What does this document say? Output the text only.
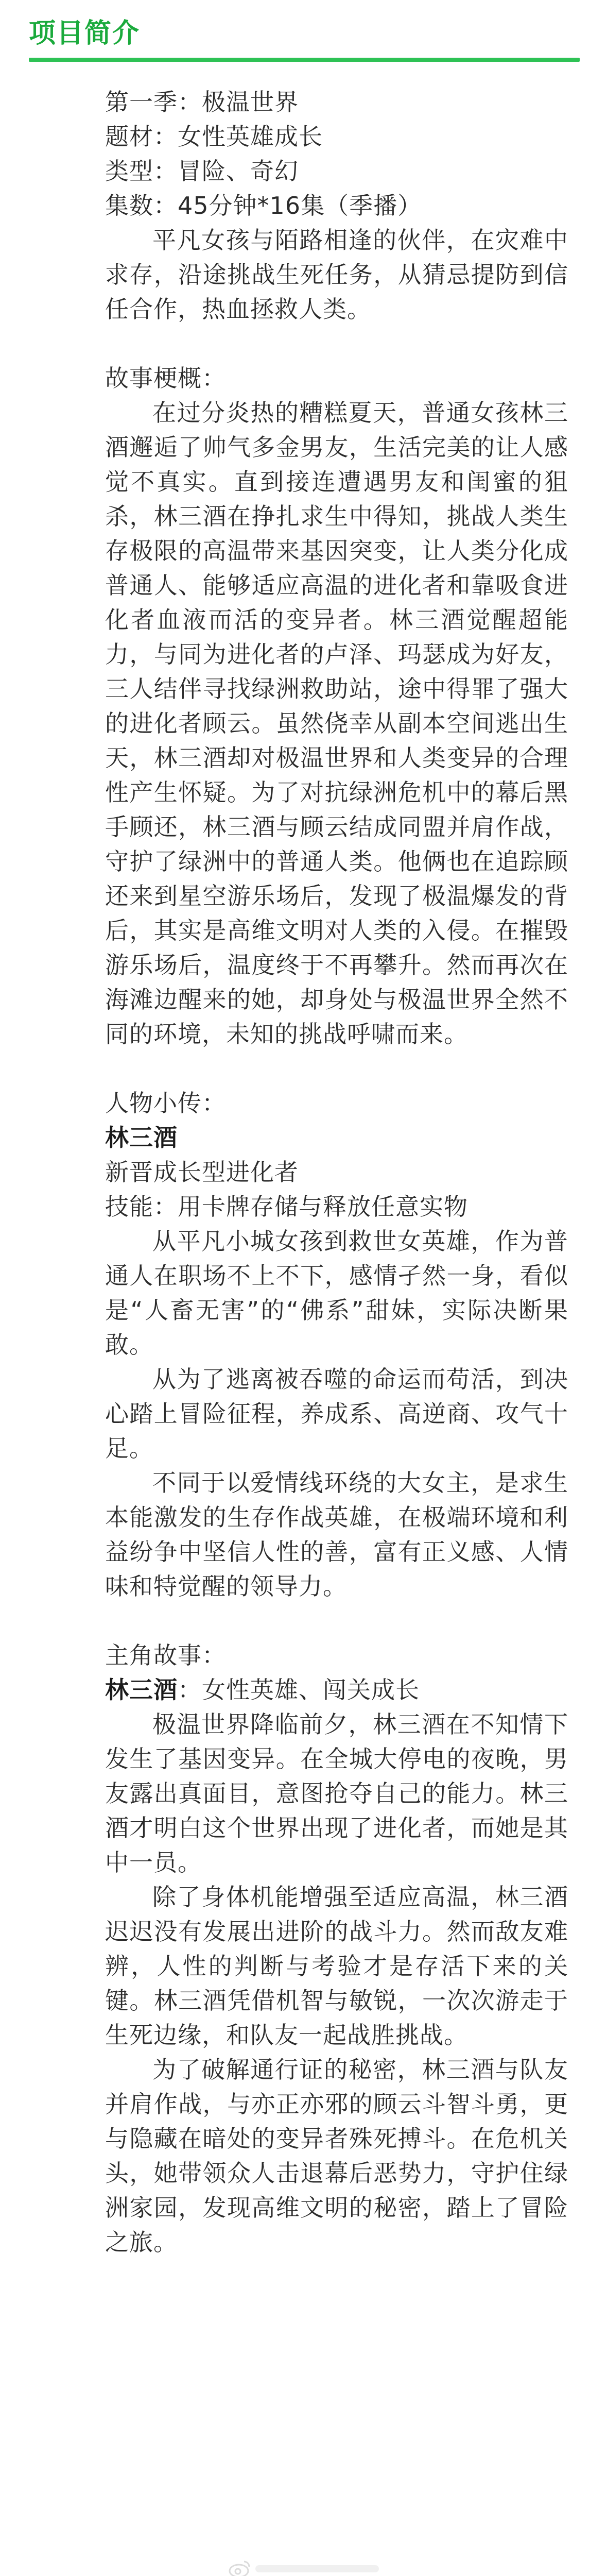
项目简介

第一季：极温世界

题材：女性英雄成长

类型：冒险、奇幻

集数：45分钟*16集（季播）

平凡女孩与陌路相逢的伙伴，在灾难中求存，沿途挑战生死任务，从猜忌提防到信任合作，热血拯救人类。

故事梗概：

在过分炎热的糟糕夏天，普通女孩林三酒邂逅了帅气多金男友，生活完美的让人感觉不真实。直到接连遭遇男友和闺蜜的狙杀，林三酒在挣扎求生中得知，挑战人类生存极限的高温带来基因突变，让人类分化成普通人、能够适应高温的进化者和靠吸食进化者血液而活的变异者。林三酒觉醒超能力，与同为进化者的卢泽、玛瑟成为好友，三人结伴寻找绿洲救助站，途中得罪了强大的进化者顾云。虽然侥幸从副本空间逃出生天，林三酒却对极温世界和人类变异的合理性产生怀疑。为了对抗绿洲危机中的幕后黑手顾还，林三酒与顾云结成同盟并肩作战，守护了绿洲中的普通人类。他俩也在追踪顾还来到星空游乐场后，发现了极温爆发的背后，其实是高维文明对人类的入侵。在摧毁游乐场后，温度终于不再攀升。然而再次在海滩边醒来的她，却身处与极温世界全然不同的环境，未知的挑战呼啸而来。

人物小传：

林三酒

新晋成长型进化者

技能：用卡牌存储与释放任意实物

从平凡小城女孩到救世女英雄，作为普通人在职场不上不下，感情孑然一身，看似是“人畜无害”的“佛系”甜妹，实际决断果敢。

从为了逃离被吞噬的命运而苟活，到决心踏上冒险征程，养成系、高逆商、攻气十足。

不同于以爱情线环绕的大女主，是求生本能激发的生存作战英雄，在极端环境和利益纷争中坚信人性的善，富有正义感、人情味和特觉醒的领导力。

主角故事：

林三酒：女性英雄、闯关成长

极温世界降临前夕，林三酒在不知情下发生了基因变异。在全城大停电的夜晚，男友露出真面目，意图抢夺自己的能力。林三酒才明白这个世界出现了进化者，而她是其中一员。

除了身体机能增强至适应高温，林三酒迟迟没有发展出进阶的战斗力。然而敌友难辨，人性的判断与考验才是存活下来的关键。林三酒凭借机智与敏锐，一次次游走于生死边缘，和队友一起战胜挑战。

为了破解通行证的秘密，林三酒与队友并肩作战，与亦正亦邪的顾云斗智斗勇，更与隐藏在暗处的变异者殊死搏斗。在危机关头，她带领众人击退幕后恶势力，守护住绿洲家园，发现高维文明的秘密，踏上了冒险之旅。
